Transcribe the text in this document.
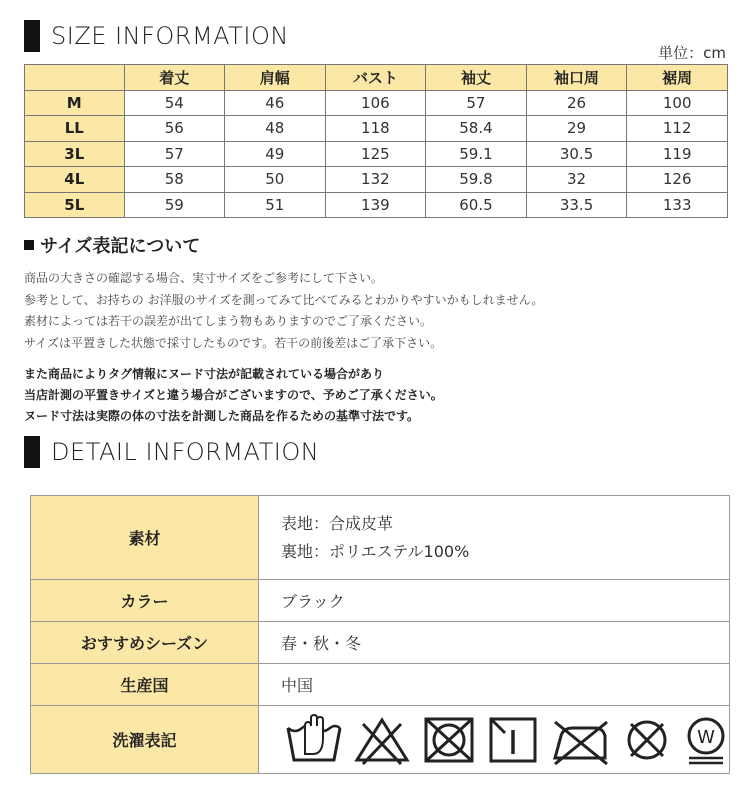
SIZE INFORMATION
単位：cm
	着丈	肩幅	バスト	袖丈	袖口周	裾周
M	54	46	106	57	26	100
LL	56	48	118	58.4	29	112
3L	57	49	125	59.1	30.5	119
4L	58	50	132	59.8	32	126
5L	59	51	139	60.5	33.5	133
サイズ表記について
商品の大きさの確認する場合、実寸サイズをご参考にして下さい。
参考として、お持ちの お洋服のサイズを測ってみて比べてみるとわかりやすいかもしれません。
素材によっては若干の誤差が出てしまう物もありますのでご了承ください。
サイズは平置きした状態で採寸したものです。若干の前後差はご了承下さい。
また商品によりタグ情報にヌード寸法が記載されている場合があり
当店計測の平置きサイズと違う場合がございますので、予めご了承ください。
ヌード寸法は実際の体の寸法を計測した商品を作るための基準寸法です。
DETAIL INFORMATION
素材	表地：合成皮革
裏地：ポリエステル100%

カラー	ブラック
おすすめシーズン	春・秋・冬
生産国	中国
洗濯表記	W
